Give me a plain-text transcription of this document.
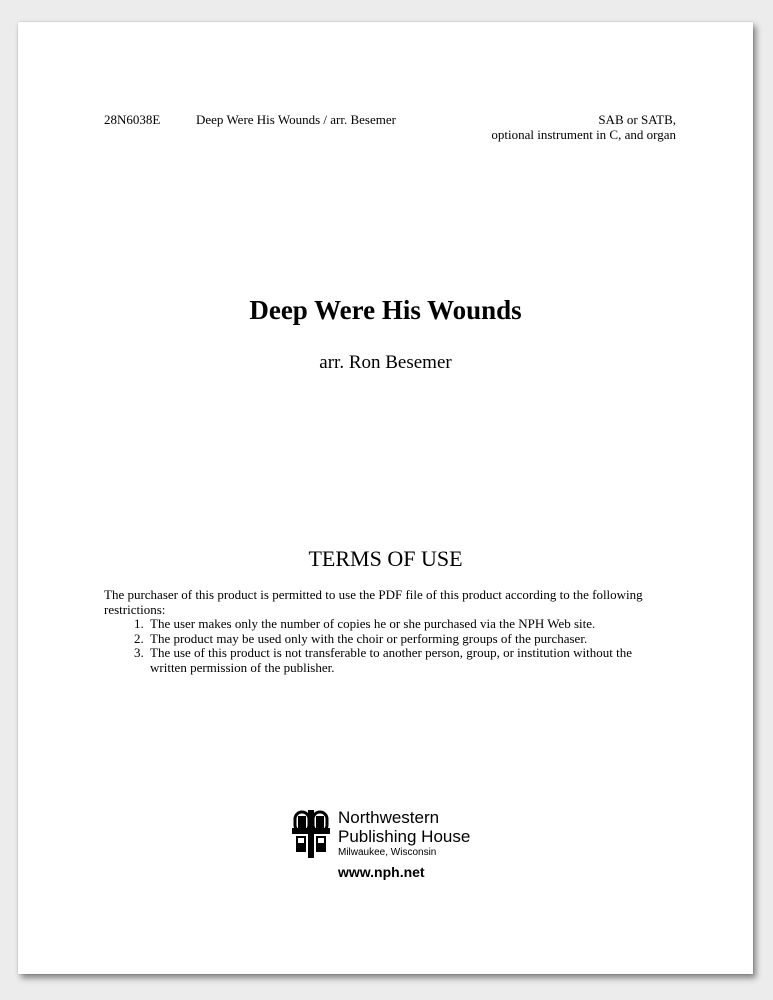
28N6038E	Deep Were His Wounds / arr. Besemer	SAB or SATB,
optional instrument in C, and organ
Deep Were His Wounds
arr. Ron Besemer
TERMS OF USE

The purchaser of this product is permitted to use the PDF file of this product according to the following restrictions:

1. The user makes only the number of copies he or she purchased via the NPH Web site.
2. The product may be used only with the choir or performing groups of the purchaser.
3. The use of this product is not transferable to another person, group, or institution without the written permission of the publisher.
Northwestern
Publishing House
Milwaukee, Wisconsin
www.nph.net
